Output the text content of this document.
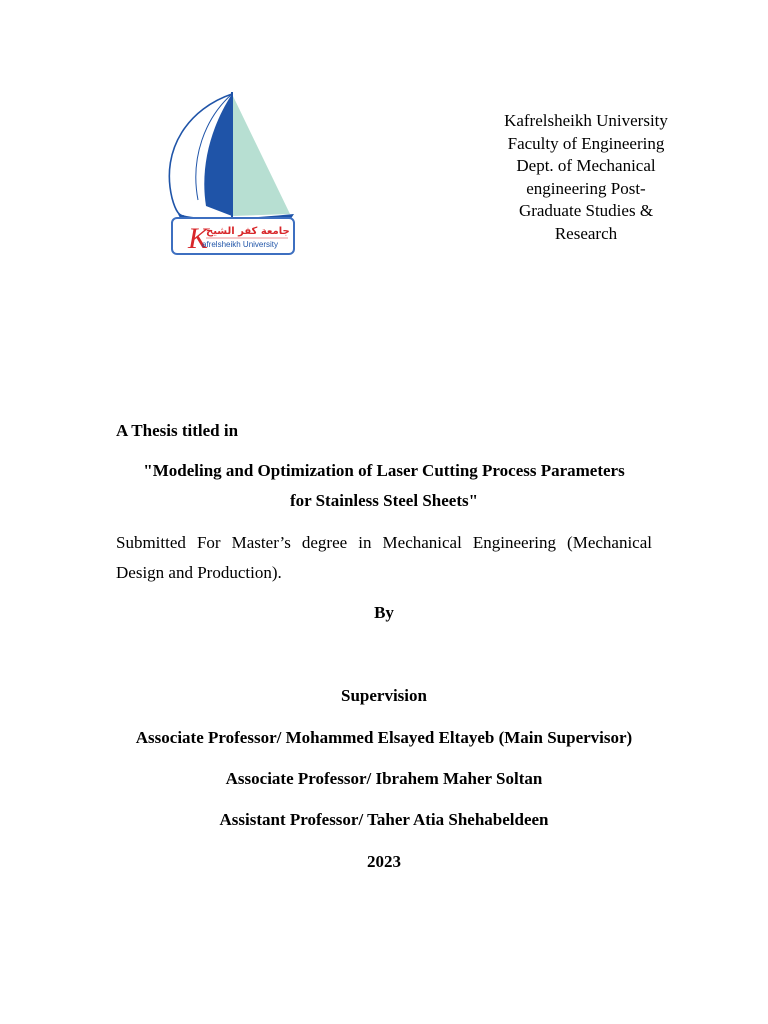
K
جامعة كفر الشيخ
afrelsheikh University
Kafrelsheikh University
Faculty of Engineering
Dept. of Mechanical
engineering Post-
Graduate Studies &
Research
A Thesis titled in
"Modeling and Optimization of Laser Cutting Process Parameters
for Stainless Steel Sheets"
Submitted For Master’s degree in Mechanical Engineering (Mechanical Design and Production).
By
Supervision
Associate Professor/ Mohammed Elsayed Eltayeb (Main Supervisor)
Associate Professor/ Ibrahem Maher Soltan
Assistant Professor/ Taher Atia Shehabeldeen
2023
